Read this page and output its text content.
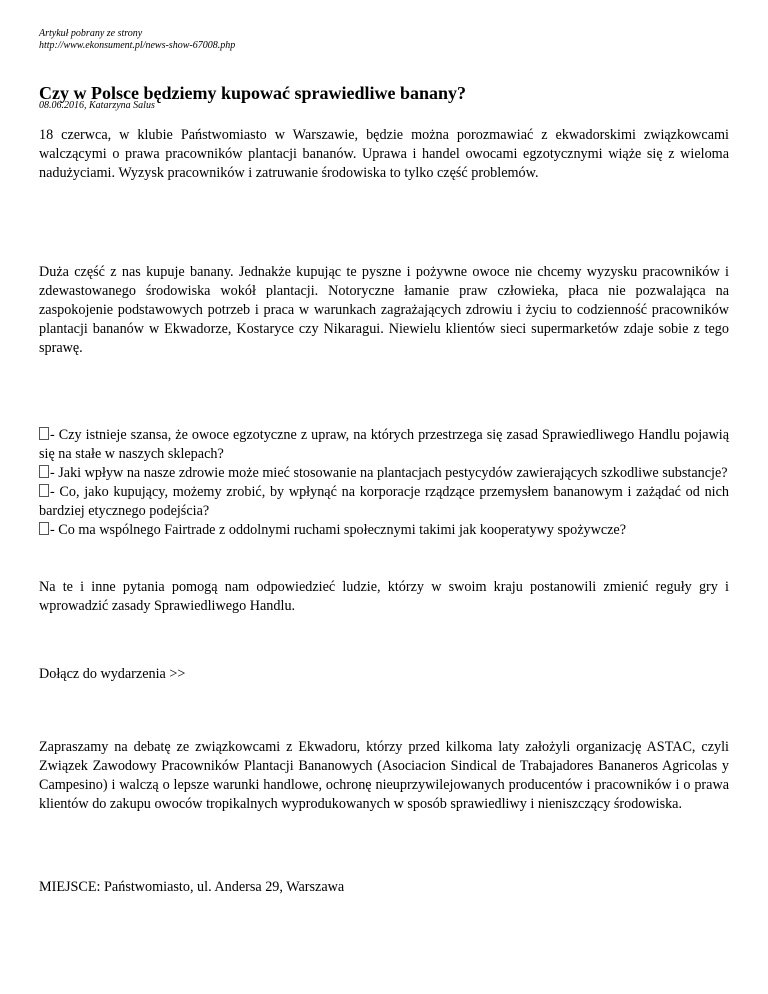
Artykuł pobrany ze strony
http://www.ekonsument.pl/news-show-67008.php
Czy w Polsce będziemy kupować sprawiedliwe banany?
08.06.2016, Katarzyna Salus

18 czerwca, w klubie Państwomiasto w Warszawie, będzie można porozmawiać z ekwadorskimi związkowcami walczącymi o prawa pracowników plantacji bananów. Uprawa i handel owocami egzotycznymi wiąże się z wieloma nadużyciami. Wyzysk pracowników i zatruwanie środowiska to tylko część problemów.

Duża część z nas kupuje banany. Jednakże kupując te pyszne i pożywne owoce nie chcemy wyzysku pracowników i zdewastowanego środowiska wokół plantacji. Notoryczne łamanie praw człowieka, płaca nie pozwalająca na zaspokojenie podstawowych potrzeb i praca w warunkach zagrażających zdrowiu i życiu to codzienność pracowników plantacji bananów w Ekwadorze, Kostaryce czy Nikaragui. Niewielu klientów sieci supermarketów zdaje sobie z tego sprawę.

- Czy istnieje szansa, że owoce egzotyczne z upraw, na których przestrzega się zasad Sprawiedliwego Handlu pojawią się na stałe w naszych sklepach?
- Jaki wpływ na nasze zdrowie może mieć stosowanie na plantacjach pestycydów zawierających szkodliwe substancje?
- Co, jako kupujący, możemy zrobić, by wpłynąć na korporacje rządzące przemysłem bananowym i zażądać od nich bardziej etycznego podejścia?
- Co ma wspólnego Fairtrade z oddolnymi ruchami społecznymi takimi jak kooperatywy spożywcze?

Na te i inne pytania pomogą nam odpowiedzieć ludzie, którzy w swoim kraju postanowili zmienić reguły gry i wprowadzić zasady Sprawiedliwego Handlu.

Dołącz do wydarzenia >>

Zapraszamy na debatę ze związkowcami z Ekwadoru, którzy przed kilkoma laty założyli organizację ASTAC, czyli Związek Zawodowy Pracowników Plantacji Bananowych (Asociacion Sindical de Trabajadores Bananeros Agricolas y Campesino) i walczą o lepsze warunki handlowe, ochronę nieuprzywilejowanych producentów i pracowników i o prawa klientów do zakupu owoców tropikalnych wyprodukowanych w sposób sprawiedliwy i nieniszczący środowiska.

MIEJSCE: Państwomiasto, ul. Andersa 29, Warszawa
